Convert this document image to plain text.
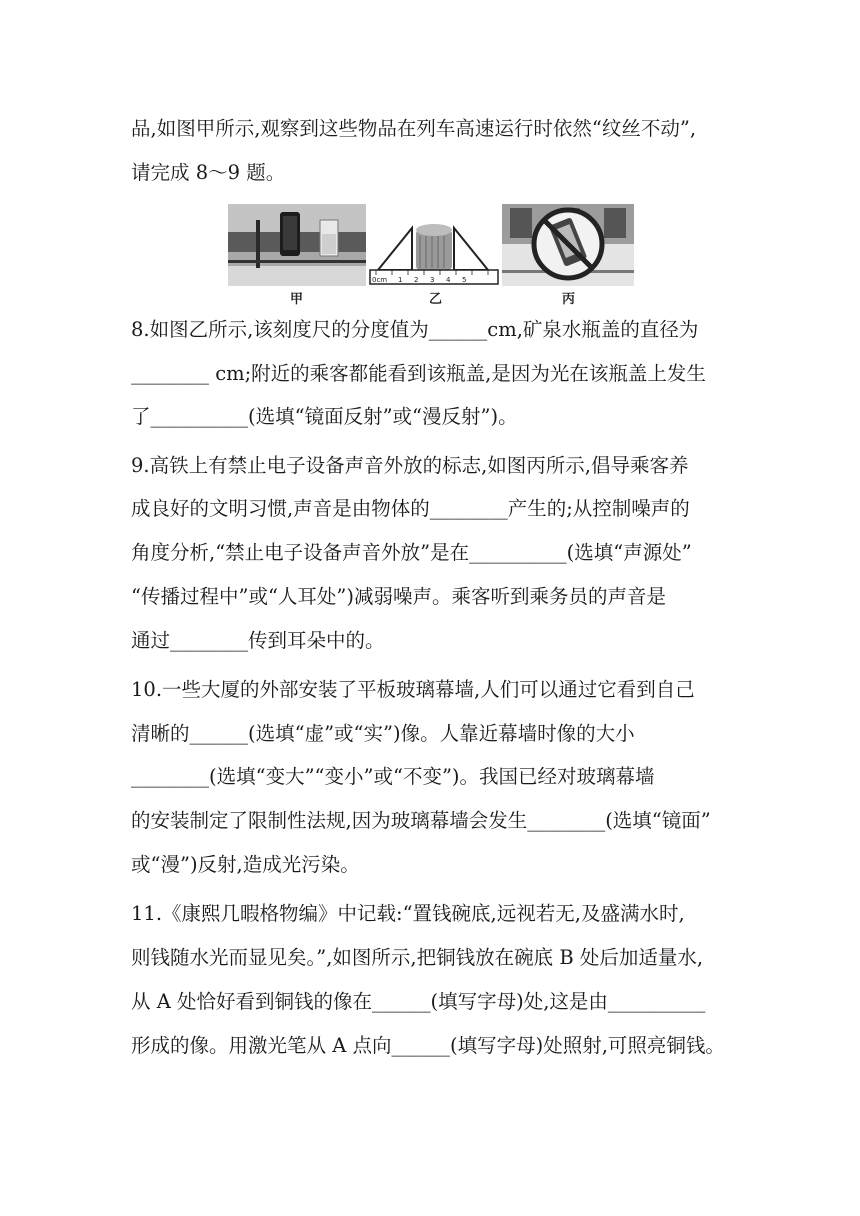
品,如图甲所示,观察到这些物品在列车高速运行时依然“纹丝不动”,
请完成 8～9 题。
0cm 1 2 3 4 5
甲	乙	丙
8.如图乙所示,该刻度尺的分度值为______cm,矿泉水瓶盖的直径为
________ cm;附近的乘客都能看到该瓶盖,是因为光在该瓶盖上发生
了__________(选填“镜面反射”或“漫反射”)。
9.高铁上有禁止电子设备声音外放的标志,如图丙所示,倡导乘客养
成良好的文明习惯,声音是由物体的________产生的;从控制噪声的
角度分析,“禁止电子设备声音外放”是在__________(选填“声源处”
“传播过程中”或“人耳处”)减弱噪声。乘客听到乘务员的声音是
通过________传到耳朵中的。
10.一些大厦的外部安装了平板玻璃幕墙,人们可以通过它看到自己
清晰的______(选填“虚”或“实”)像。人靠近幕墙时像的大小
________(选填“变大”“变小”或“不变”)。我国已经对玻璃幕墙
的安装制定了限制性法规,因为玻璃幕墙会发生________(选填“镜面”
或“漫”)反射,造成光污染。
11.《康熙几暇格物编》中记载:“置钱碗底,远视若无,及盛满水时,
则钱随水光而显见矣。”,如图所示,把铜钱放在碗底 B 处后加适量水,
从 A 处恰好看到铜钱的像在______(填写字母)处,这是由__________
形成的像。用激光笔从 A 点向______(填写字母)处照射,可照亮铜钱。
